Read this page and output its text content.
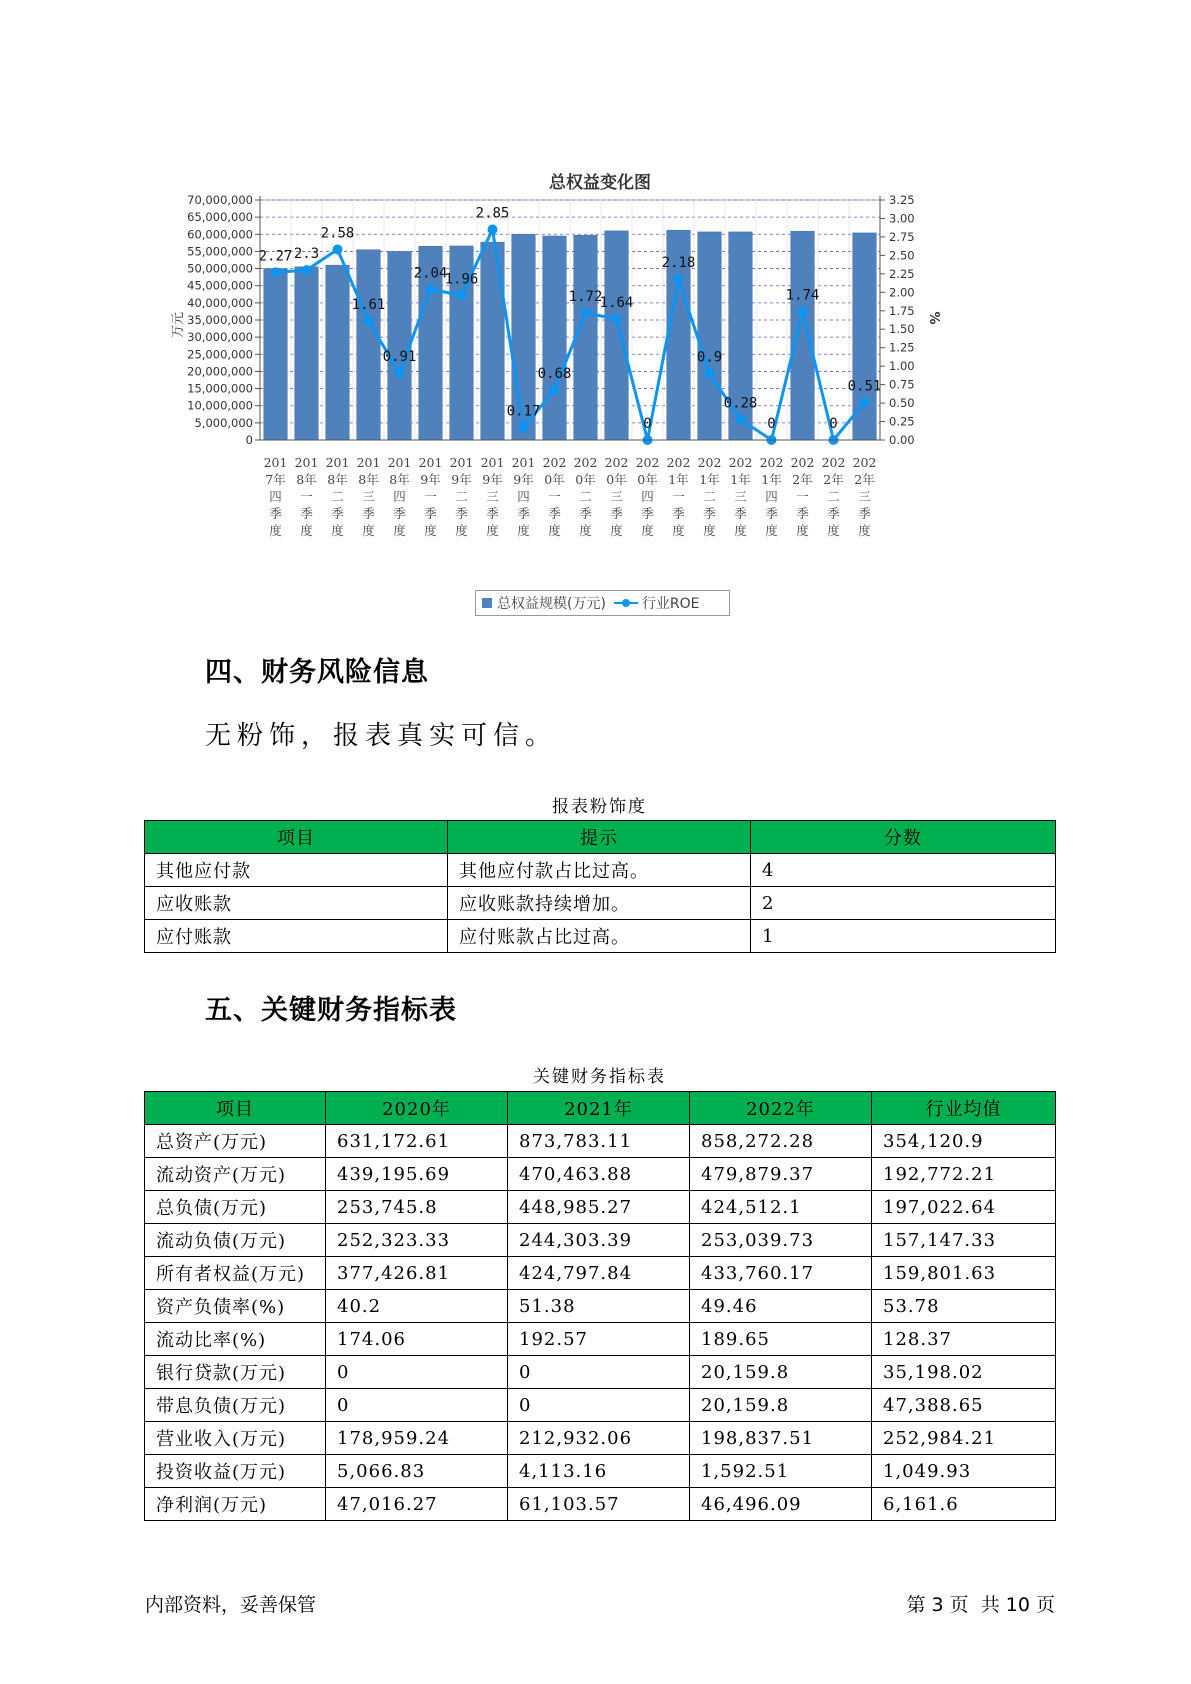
总权益变化图
2.27 2.3
2.58
1.61
0.91
2.04
1.96
2.85
0.17
0.68
1.72
1.64
0
2.18
0.9
0.28
0
1.74
0
0.51
0
5,000,000
10,000,000
15,000,000
20,000,000
25,000,000
30,000,000
35,000,000
40,000,000
45,000,000
50,000,000
55,000,000
60,000,000
65,000,000
70,000,000
0.00
0.25
0.50
0.75
1.00
1.25
1.50
1.75
2.00
2.25
2.50
2.75
3.00
3.25
201
7年
四
季
度
201
8年
一
季
度
201
8年
二
季
度
201
8年
三
季
度
201
8年
四
季
度
201
9年
一
季
度
201
9年
二
季
度
201
9年
三
季
度
201
9年
四
季
度
202
0年
一
季
度
202
0年
二
季
度
202
0年
三
季
度
202
0年
四
季
度
202
1年
一
季
度
202
1年
二
季
度
202
1年
三
季
度
202
1年
四
季
度
202
2年
一
季
度
202
2年
二
季
度
202
2年
三
季
度
万元	%
总权益规模(万元)	行业ROE
四、财务风险信息

无粉饰，报表真实可信。

报表粉饰度
项目	提示	分数
其他应付款	其他应付款占比过高。	4
应收账款	应收账款持续增加。	2
应付账款	应付账款占比过高。	1
五、关键财务指标表
关键财务指标表
项目	2020年	2021年	2022年	行业均值
总资产(万元)	631,172.61	873,783.11	858,272.28	354,120.9
流动资产(万元)	439,195.69	470,463.88	479,879.37	192,772.21
总负债(万元)	253,745.8	448,985.27	424,512.1	197,022.64
流动负债(万元)	252,323.33	244,303.39	253,039.73	157,147.33
所有者权益(万元)	377,426.81	424,797.84	433,760.17	159,801.63
资产负债率(%)	40.2	51.38	49.46	53.78
流动比率(%)	174.06	192.57	189.65	128.37
银行贷款(万元)	0	0	20,159.8	35,198.02
带息负债(万元)	0	0	20,159.8	47,388.65
营业收入(万元)	178,959.24	212,932.06	198,837.51	252,984.21
投资收益(万元)	5,066.83	4,113.16	1,592.51	1,049.93
净利润(万元)	47,016.27	61,103.57	46,496.09	6,161.6
内部资料，妥善保管	第 3 页  共 10 页
